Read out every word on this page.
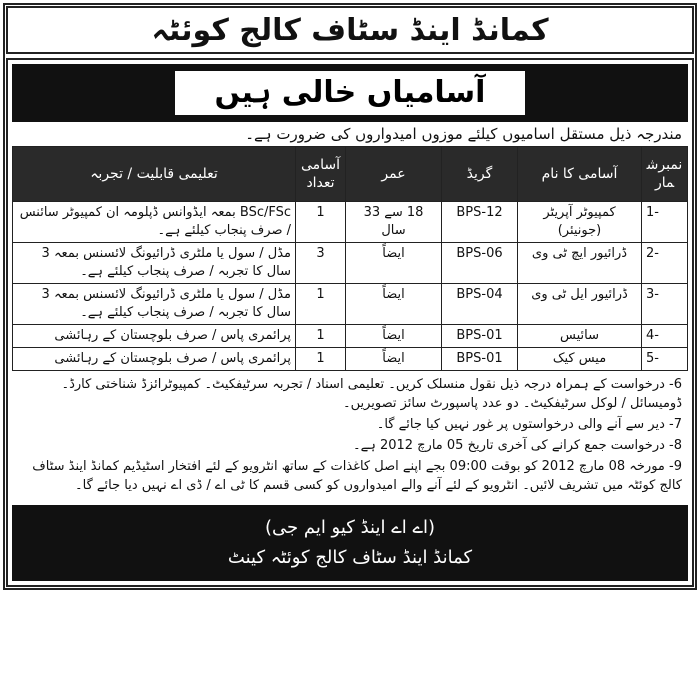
کمانڈ اینڈ سٹاف کالج کوئٹہ
آسامیاں خالی ہیں
مندرجہ ذیل مستقل اسامیوں کیلئے موزوں امیدواروں کی ضرورت ہے۔
نمبرشمار	آسامی کا نام	گریڈ	عمر	آسامی تعداد	تعلیمی قابلیت / تجربہ
1-	کمپیوٹر آپریٹر (جونیئر)	BPS-12	18 سے 33 سال	1	BSc/FSc بمعہ ایڈوانس ڈپلومہ ان کمپیوٹر سائنس / صرف پنجاب کیلئے ہے۔
2-	ڈرائیور ایچ ٹی وی	BPS-06	ایضاً	3	مڈل / سول یا ملٹری ڈرائیونگ لائسنس بمعہ 3 سال کا تجربہ / صرف پنجاب کیلئے ہے۔
3-	ڈرائیور ایل ٹی وی	BPS-04	ایضاً	1	مڈل / سول یا ملٹری ڈرائیونگ لائسنس بمعہ 3 سال کا تجربہ / صرف پنجاب کیلئے ہے۔
4-	سائیس	BPS-01	ایضاً	1	پرائمری پاس / صرف بلوچستان کے رہائشی
5-	میس کیک	BPS-01	ایضاً	1	پرائمری پاس / صرف بلوچستان کے رہائشی
6- درخواست کے ہمراہ درجہ ذیل نقول منسلک کریں۔ تعلیمی اسناد / تجربہ سرٹیفکیٹ۔ کمپیوٹرائزڈ شناختی کارڈ۔ ڈومیسائل / لوکل سرٹیفکیٹ۔ دو عدد پاسپورٹ سائز تصویریں۔
7- دیر سے آنے والی درخواستوں پر غور نہیں کیا جائے گا۔
8- درخواست جمع کرانے کی آخری تاریخ 05 مارچ 2012 ہے۔
9- مورخہ 08 مارچ 2012 کو بوقت 09:00 بجے اپنے اصل کاغذات کے ساتھ انٹرویو کے لئے افتخار اسٹیڈیم کمانڈ اینڈ سٹاف کالج کوئٹہ میں تشریف لائیں۔ انٹرویو کے لئے آنے والے امیدواروں کو کسی قسم کا ٹی اے / ڈی اے نہیں دیا جائے گا۔
(اے اے اینڈ کیو ایم جی)
کمانڈ اینڈ سٹاف کالج کوئٹہ کینٹ
